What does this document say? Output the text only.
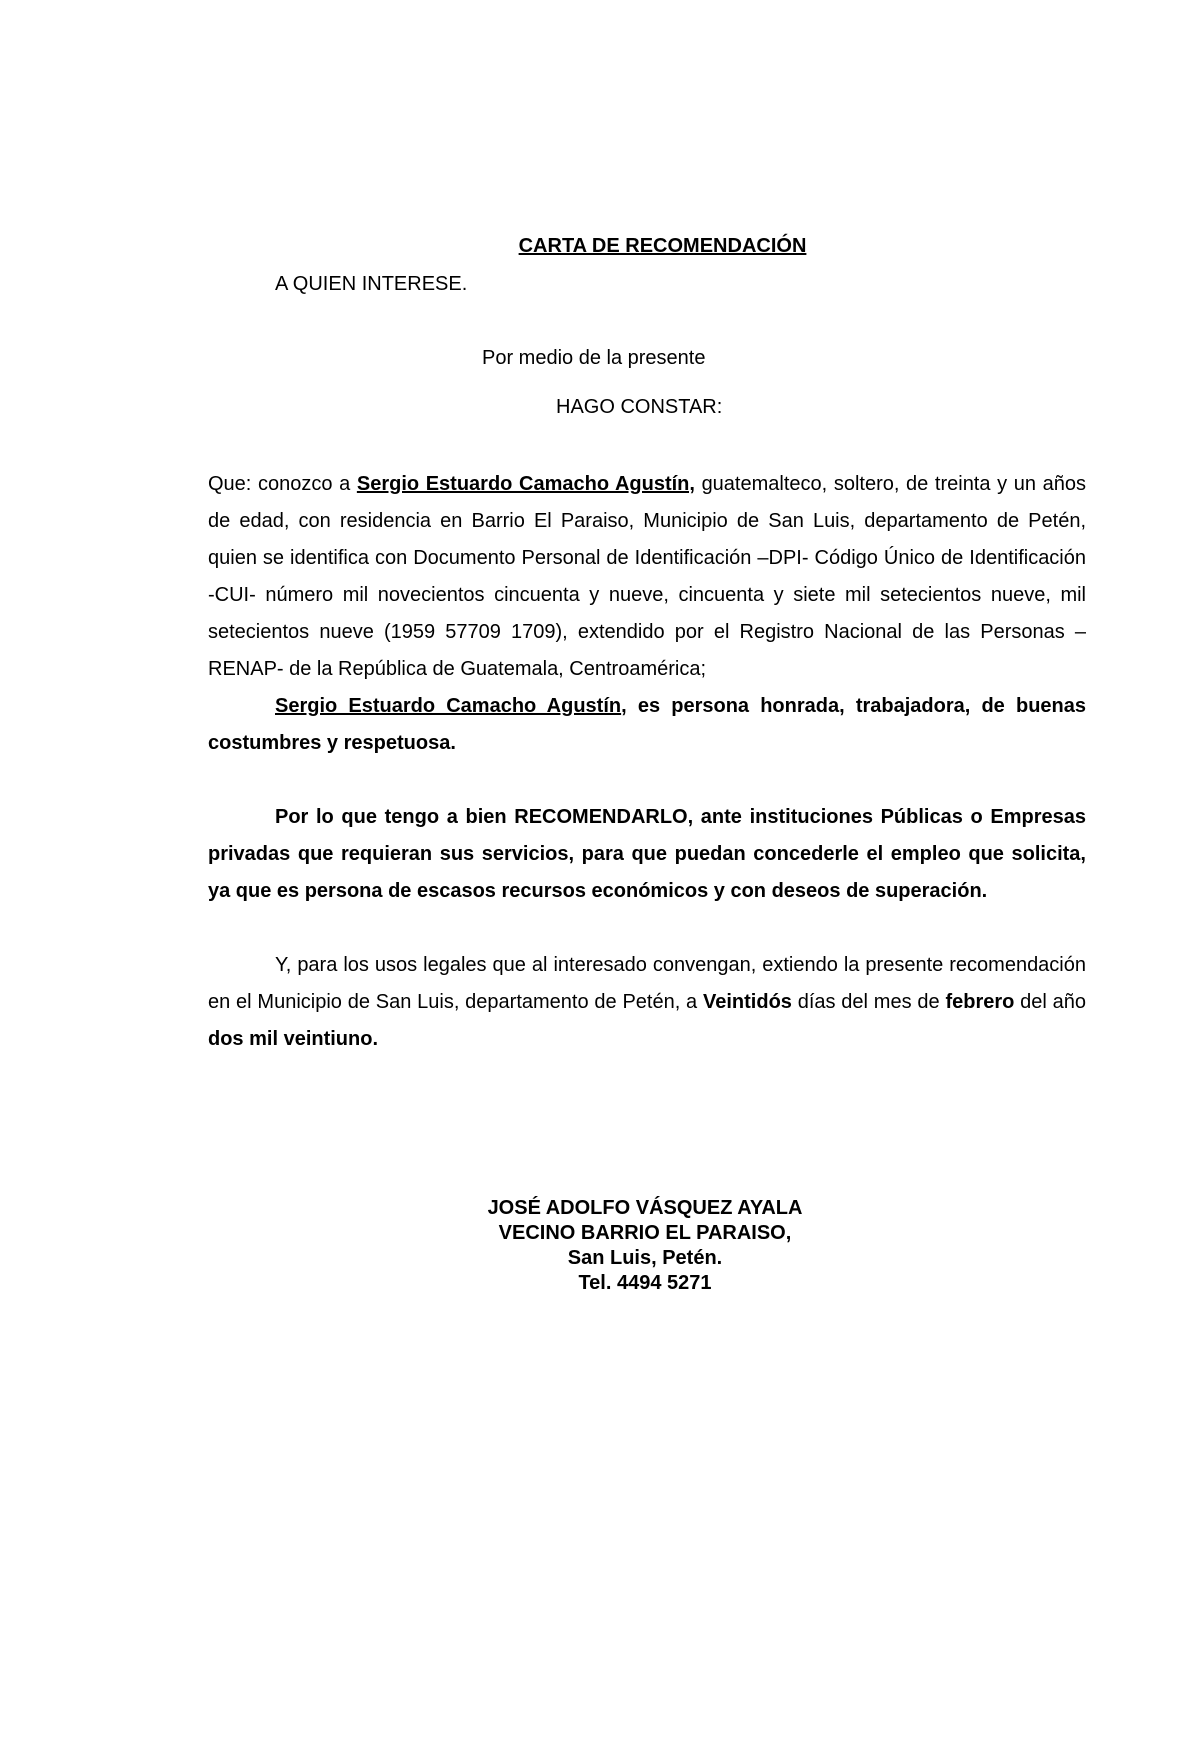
CARTA DE RECOMENDACIÓN
A QUIEN INTERESE.
Por medio de la presente
HAGO CONSTAR:

Que: conozco a Sergio Estuardo Camacho Agustín, guatemalteco, soltero, de treinta y un años de edad, con residencia en Barrio El Paraiso, Municipio de San Luis, departamento de Petén, quien se identifica con Documento Personal de Identificación –DPI- Código Único de Identificación -CUI- número mil novecientos cincuenta y nueve, cincuenta y siete mil setecientos nueve, mil setecientos nueve (1959 57709 1709), extendido por el Registro Nacional de las Personas –RENAP- de la República de Guatemala, Centroamérica;

Sergio Estuardo Camacho Agustín, es persona honrada, trabajadora, de buenas costumbres y respetuosa.

Por lo que tengo a bien RECOMENDARLO, ante instituciones Públicas o Empresas privadas que requieran sus servicios, para que puedan concederle el empleo que solicita, ya que es persona de escasos recursos económicos y con deseos de superación.

Y, para los usos legales que al interesado convengan, extiendo la presente recomendación en el Municipio de San Luis, departamento de Petén, a Veintidós días del mes de febrero del año dos mil veintiuno.

JOSÉ ADOLFO VÁSQUEZ AYALA
VECINO BARRIO EL PARAISO,
San Luis, Petén.
Tel. 4494 5271
